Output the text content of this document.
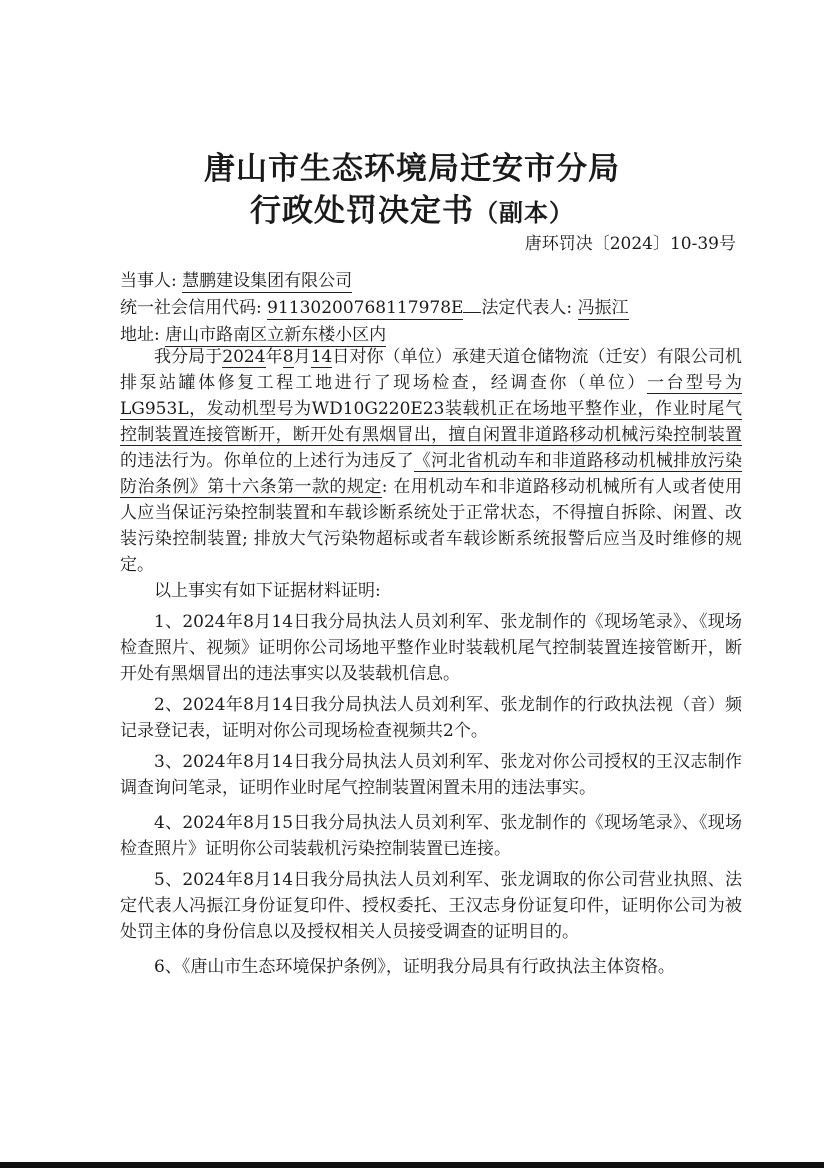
唐山市生态环境局迁安市分局
行政处罚决定书（副本）
唐环罚决〔2024〕10-39号
当事人: 慧鹏建设集团有限公司
统一社会信用代码: 91130200768117978E 法定代表人: 冯振江
地址: 唐山市路南区立新东楼小区内

我分局于2024年8月14日对你（单位）承建天道仓储物流（迁安）有限公司机排泵站罐体修复工程工地进行了现场检查，经调查你（单位）一台型号为LG953L，发动机型号为WD10G220E23装载机正在场地平整作业，作业时尾气控制装置连接管断开，断开处有黑烟冒出，擅自闲置非道路移动机械污染控制装置的违法行为。你单位的上述行为违反了《河北省机动车和非道路移动机械排放污染防治条例》第十六条第一款的规定: 在用机动车和非道路移动机械所有人或者使用人应当保证污染控制装置和车载诊断系统处于正常状态，不得擅自拆除、闲置、改装污染控制装置; 排放大气污染物超标或者车载诊断系统报警后应当及时维修的规定。

以上事实有如下证据材料证明:

1、2024年8月14日我分局执法人员刘利军、张龙制作的《现场笔录》、《现场检查照片、视频》证明你公司场地平整作业时装载机尾气控制装置连接管断开，断开处有黑烟冒出的违法事实以及装载机信息。

2、2024年8月14日我分局执法人员刘利军、张龙制作的行政执法视（音）频记录登记表，证明对你公司现场检查视频共2个。

3、2024年8月14日我分局执法人员刘利军、张龙对你公司授权的王汉志制作调查询问笔录，证明作业时尾气控制装置闲置未用的违法事实。

4、2024年8月15日我分局执法人员刘利军、张龙制作的《现场笔录》、《现场检查照片》证明你公司装载机污染控制装置已连接。

5、2024年8月14日我分局执法人员刘利军、张龙调取的你公司营业执照、法定代表人冯振江身份证复印件、授权委托、王汉志身份证复印件，证明你公司为被处罚主体的身份信息以及授权相关人员接受调查的证明目的。

6、《唐山市生态环境保护条例》，证明我分局具有行政执法主体资格。
